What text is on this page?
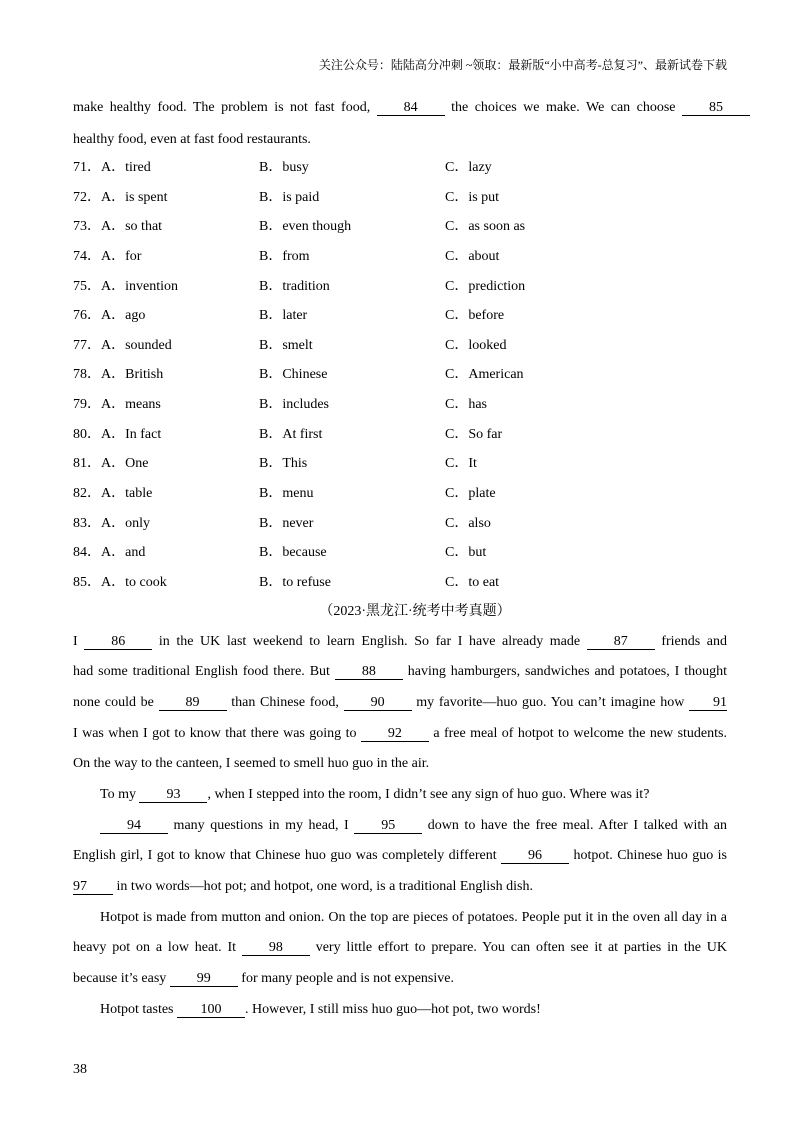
关注公众号：陆陆高分冲刺 ~领取：最新版“小中高考-总复习”、最新试卷下载
make healthy food. The problem is not fast food, 84 the choices we make. We can choose 85
healthy food, even at fast food restaurants.
71． A．tired	B．busy	C．lazy
72． A．is spent	B．is paid	C．is put
73． A．so that	B．even though	C．as soon as
74． A．for	B．from	C．about
75． A．invention	B．tradition	C．prediction
76． A．ago	B．later	C．before
77． A．sounded	B．smelt	C．looked
78． A．British	B．Chinese	C．American
79． A．means	B．includes	C．has
80． A．In fact	B．At first	C．So far
81． A．One	B．This	C．It
82． A．table	B．menu	C．plate
83． A．only	B．never	C．also
84． A．and	B．because	C．but
85． A．to cook	B．to refuse	C．to eat
（2023·黑龙江·统考中考真题）
I 86 in the UK last weekend to learn English. So far I have already made 87 friends and
had some traditional English food there. But 88 having hamburgers, sandwiches and potatoes, I thought
none could be 89 than Chinese food, 90 my favorite—huo guo. You can’t imagine how 91
I was when I got to know that there was going to 92 a free meal of hotpot to welcome the new students.
On the way to the canteen, I seemed to smell huo guo in the air.
To my 93 , when I stepped into the room, I didn’t see any sign of huo guo. Where was it?
94 many questions in my head, I 95 down to have the free meal. After I talked with an
English girl, I got to know that Chinese huo guo was completely different 96 hotpot. Chinese huo guo is
97 in two words—hot pot; and hotpot, one word, is a traditional English dish.
Hotpot is made from mutton and onion. On the top are pieces of potatoes. People put it in the oven all day in a
heavy pot on a low heat. It 98 very little effort to prepare. You can often see it at parties in the UK
because it’s easy 99 for many people and is not expensive.
Hotpot tastes 100 . However, I still miss huo guo—hot pot, two words!
38
